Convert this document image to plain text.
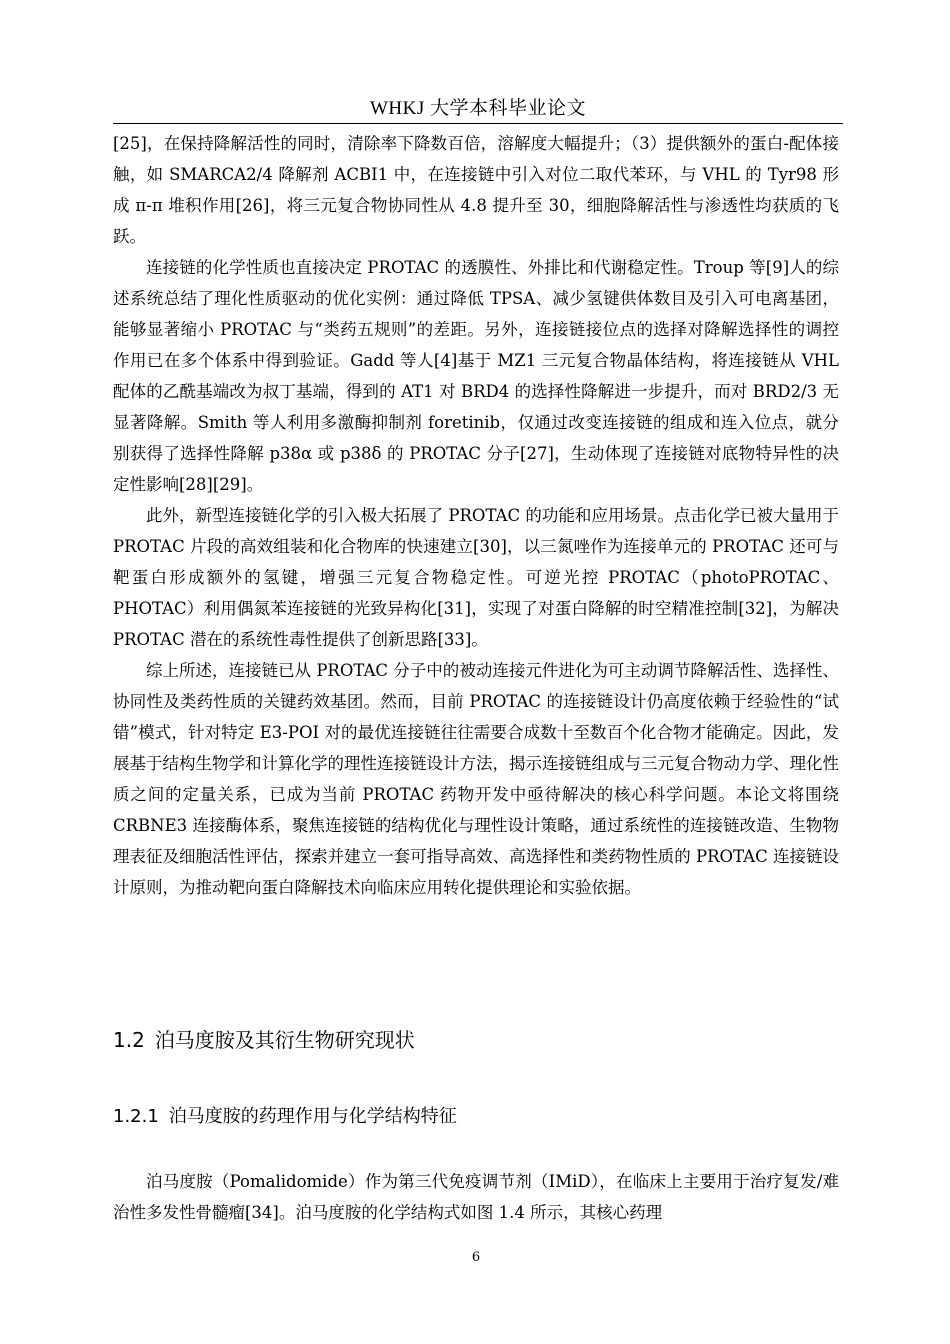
WHKJ 大学本科毕业论文

[25]，在保持降解活性的同时，清除率下降数百倍，溶解度大幅提升；（3）提供额外的蛋白-配体接触，如 SMARCA2/4 降解剂 ACBI1 中，在连接链中引入对位二取代苯环，与 VHL 的 Tyr98 形成 π-π 堆积作用[26]，将三元复合物协同性从 4.8 提升至 30，细胞降解活性与渗透性均获质的飞跃。

连接链的化学性质也直接决定 PROTAC 的透膜性、外排比和代谢稳定性。Troup 等[9]人的综述系统总结了理化性质驱动的优化实例：通过降低 TPSA、减少氢键供体数目及引入可电离基团，能够显著缩小 PROTAC 与“类药五规则”的差距。另外，连接链接位点的选择对降解选择性的调控作用已在多个体系中得到验证。Gadd 等人[4]基于 MZ1 三元复合物晶体结构，将连接链从 VHL 配体的乙酰基端改为叔丁基端，得到的 AT1 对 BRD4 的选择性降解进一步提升，而对 BRD2/3 无显著降解。Smith 等人利用多激酶抑制剂 foretinib，仅通过改变连接链的组成和连入位点，就分别获得了选择性降解 p38α 或 p38δ 的 PROTAC 分子[27]，生动体现了连接链对底物特异性的决定性影响[28][29]。

此外，新型连接链化学的引入极大拓展了 PROTAC 的功能和应用场景。点击化学已被大量用于 PROTAC 片段的高效组装和化合物库的快速建立[30]，以三氮唑作为连接单元的 PROTAC 还可与靶蛋白形成额外的氢键，增强三元复合物稳定性。可逆光控 PROTAC（photoPROTAC、PHOTAC）利用偶氮苯连接链的光致异构化[31]，实现了对蛋白降解的时空精准控制[32]，为解决 PROTAC 潜在的系统性毒性提供了创新思路[33]。

综上所述，连接链已从 PROTAC 分子中的被动连接元件进化为可主动调节降解活性、选择性、协同性及类药性质的关键药效基团。然而，目前 PROTAC 的连接链设计仍高度依赖于经验性的“试错”模式，针对特定 E3-POI 对的最优连接链往往需要合成数十至数百个化合物才能确定。因此，发展基于结构生物学和计算化学的理性连接链设计方法，揭示连接链组成与三元复合物动力学、理化性质之间的定量关系，已成为当前 PROTAC 药物开发中亟待解决的核心科学问题。本论文将围绕 CRBNE3 连接酶体系，聚焦连接链的结构优化与理性设计策略，通过系统性的连接链改造、生物物理表征及细胞活性评估，探索并建立一套可指导高效、高选择性和类药物性质的 PROTAC 连接链设计原则，为推动靶向蛋白降解技术向临床应用转化提供理论和实验依据。

1.2 泊马度胺及其衍生物研究现状
1.2.1 泊马度胺的药理作用与化学结构特征

泊马度胺（Pomalidomide）作为第三代免疫调节剂（IMiD），在临床上主要用于治疗复发/难治性多发性骨髓瘤[34]。泊马度胺的化学结构式如图 1.4 所示，其核心药理

6
